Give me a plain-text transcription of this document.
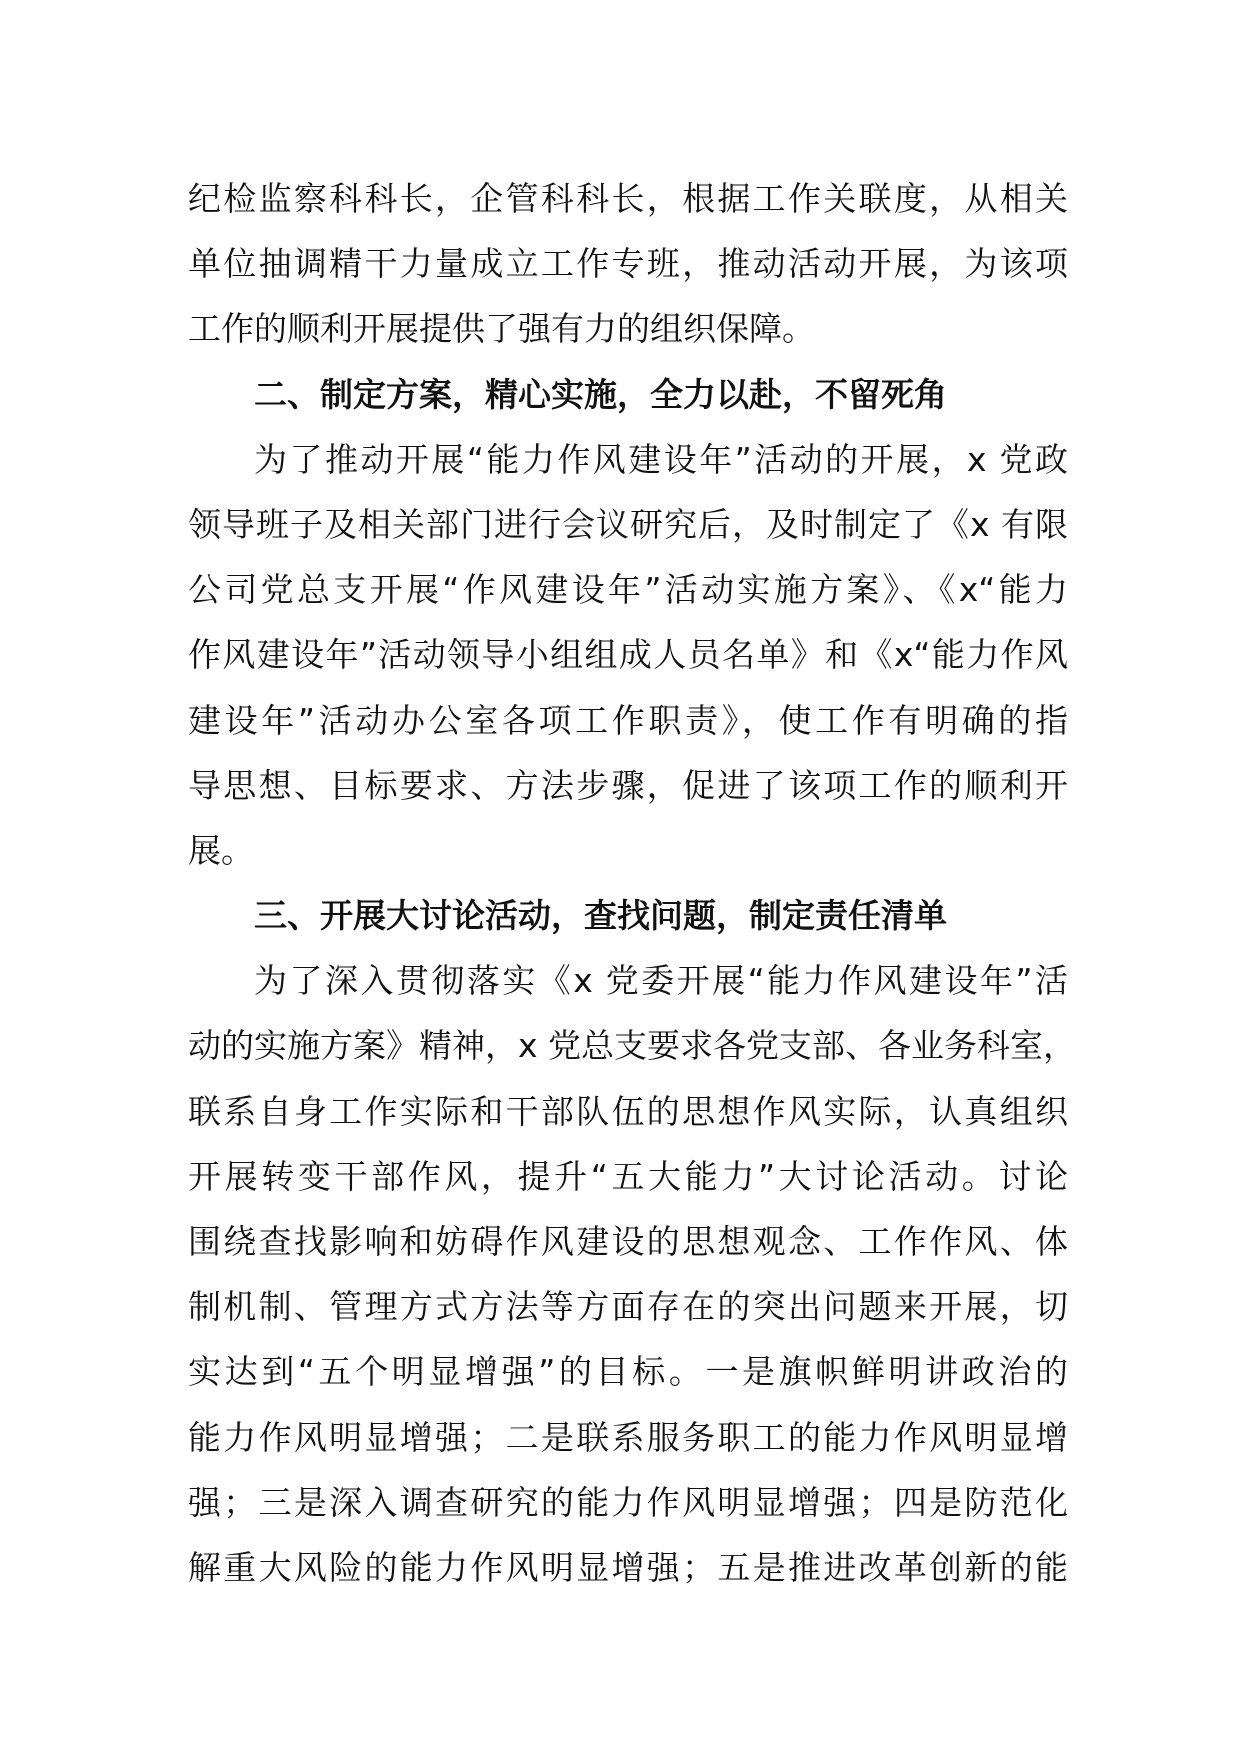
纪检监察科科长，企管科科长，根据工作关联度，从相关
单位抽调精干力量成立工作专班，推动活动开展，为该项
工作的顺利开展提供了强有力的组织保障。
二、制定方案，精心实施，全力以赴，不留死角
为了推动开展“能力作风建设年”活动的开展，x 党政
领导班子及相关部门进行会议研究后，及时制定了《x 有限
公司党总支开展“作风建设年”活动实施方案》、《x“能力
作风建设年”活动领导小组组成人员名单》和《x“能力作风
建设年”活动办公室各项工作职责》，使工作有明确的指
导思想、目标要求、方法步骤，促进了该项工作的顺利开
展。
三、开展大讨论活动，查找问题，制定责任清单
为了深入贯彻落实《x 党委开展“能力作风建设年”活
动的实施方案》精神，x 党总支要求各党支部、各业务科室，
联系自身工作实际和干部队伍的思想作风实际，认真组织
开展转变干部作风，提升“五大能力”大讨论活动。讨论
围绕查找影响和妨碍作风建设的思想观念、工作作风、体
制机制、管理方式方法等方面存在的突出问题来开展，切
实达到“五个明显增强”的目标。一是旗帜鲜明讲政治的
能力作风明显增强；二是联系服务职工的能力作风明显增
强；三是深入调查研究的能力作风明显增强；四是防范化
解重大风险的能力作风明显增强；五是推进改革创新的能
